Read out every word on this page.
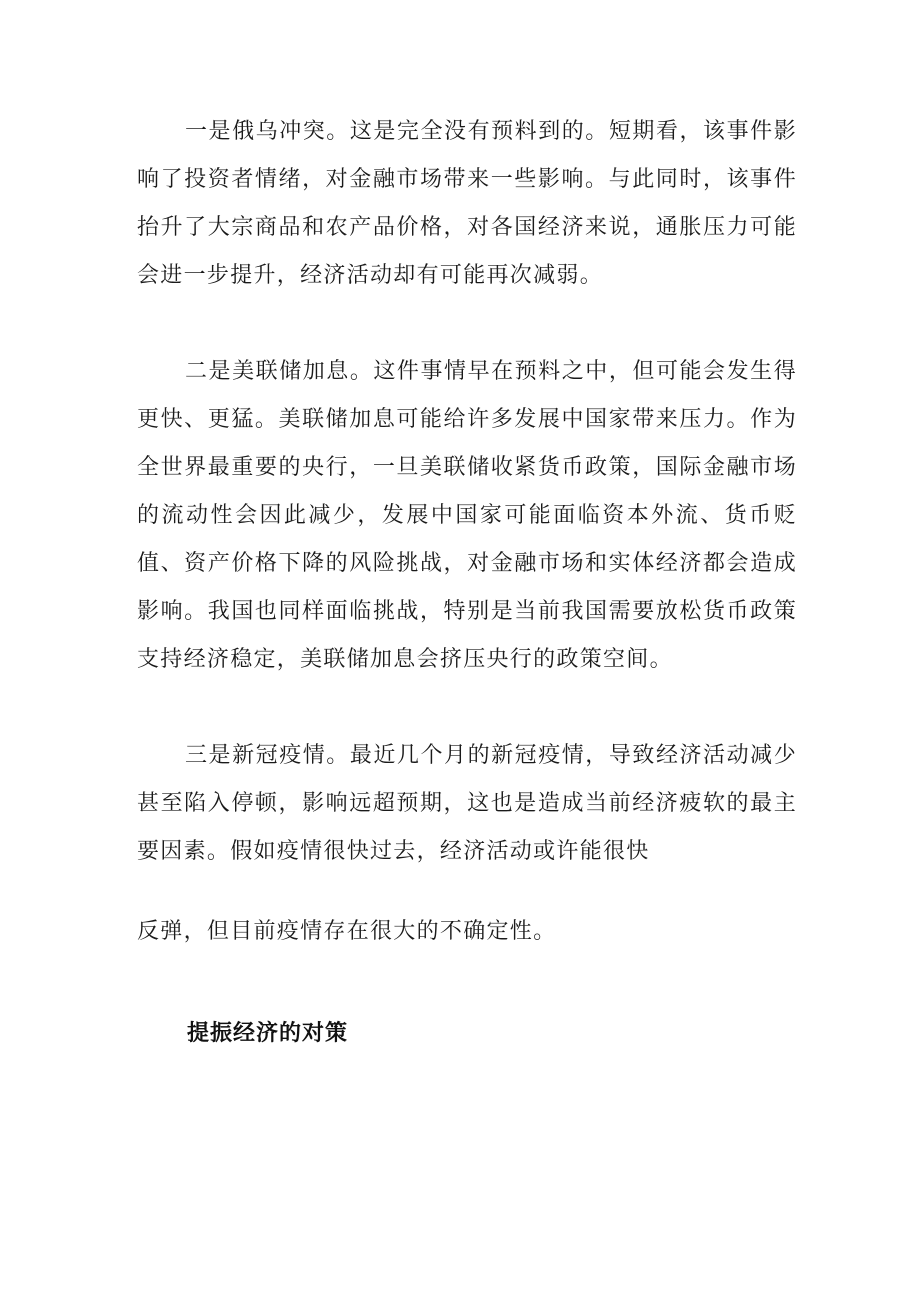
一是俄乌冲突。这是完全没有预料到的。短期看，该事件影响了投资者情绪，对金融市场带来一些影响。与此同时，该事件抬升了大宗商品和农产品价格，对各国经济来说，通胀压力可能会进一步提升，经济活动却有可能再次减弱。

二是美联储加息。这件事情早在预料之中，但可能会发生得更快、更猛。美联储加息可能给许多发展中国家带来压力。作为全世界最重要的央行，一旦美联储收紧货币政策，国际金融市场的流动性会因此减少，发展中国家可能面临资本外流、货币贬值、资产价格下降的风险挑战，对金融市场和实体经济都会造成影响。我国也同样面临挑战，特别是当前我国需要放松货币政策支持经济稳定，美联储加息会挤压央行的政策空间。

三是新冠疫情。最近几个月的新冠疫情，导致经济活动减少甚至陷入停顿，影响远超预期，这也是造成当前经济疲软的最主要因素。假如疫情很快过去，经济活动或许能很快

反弹，但目前疫情存在很大的不确定性。

提振经济的对策
